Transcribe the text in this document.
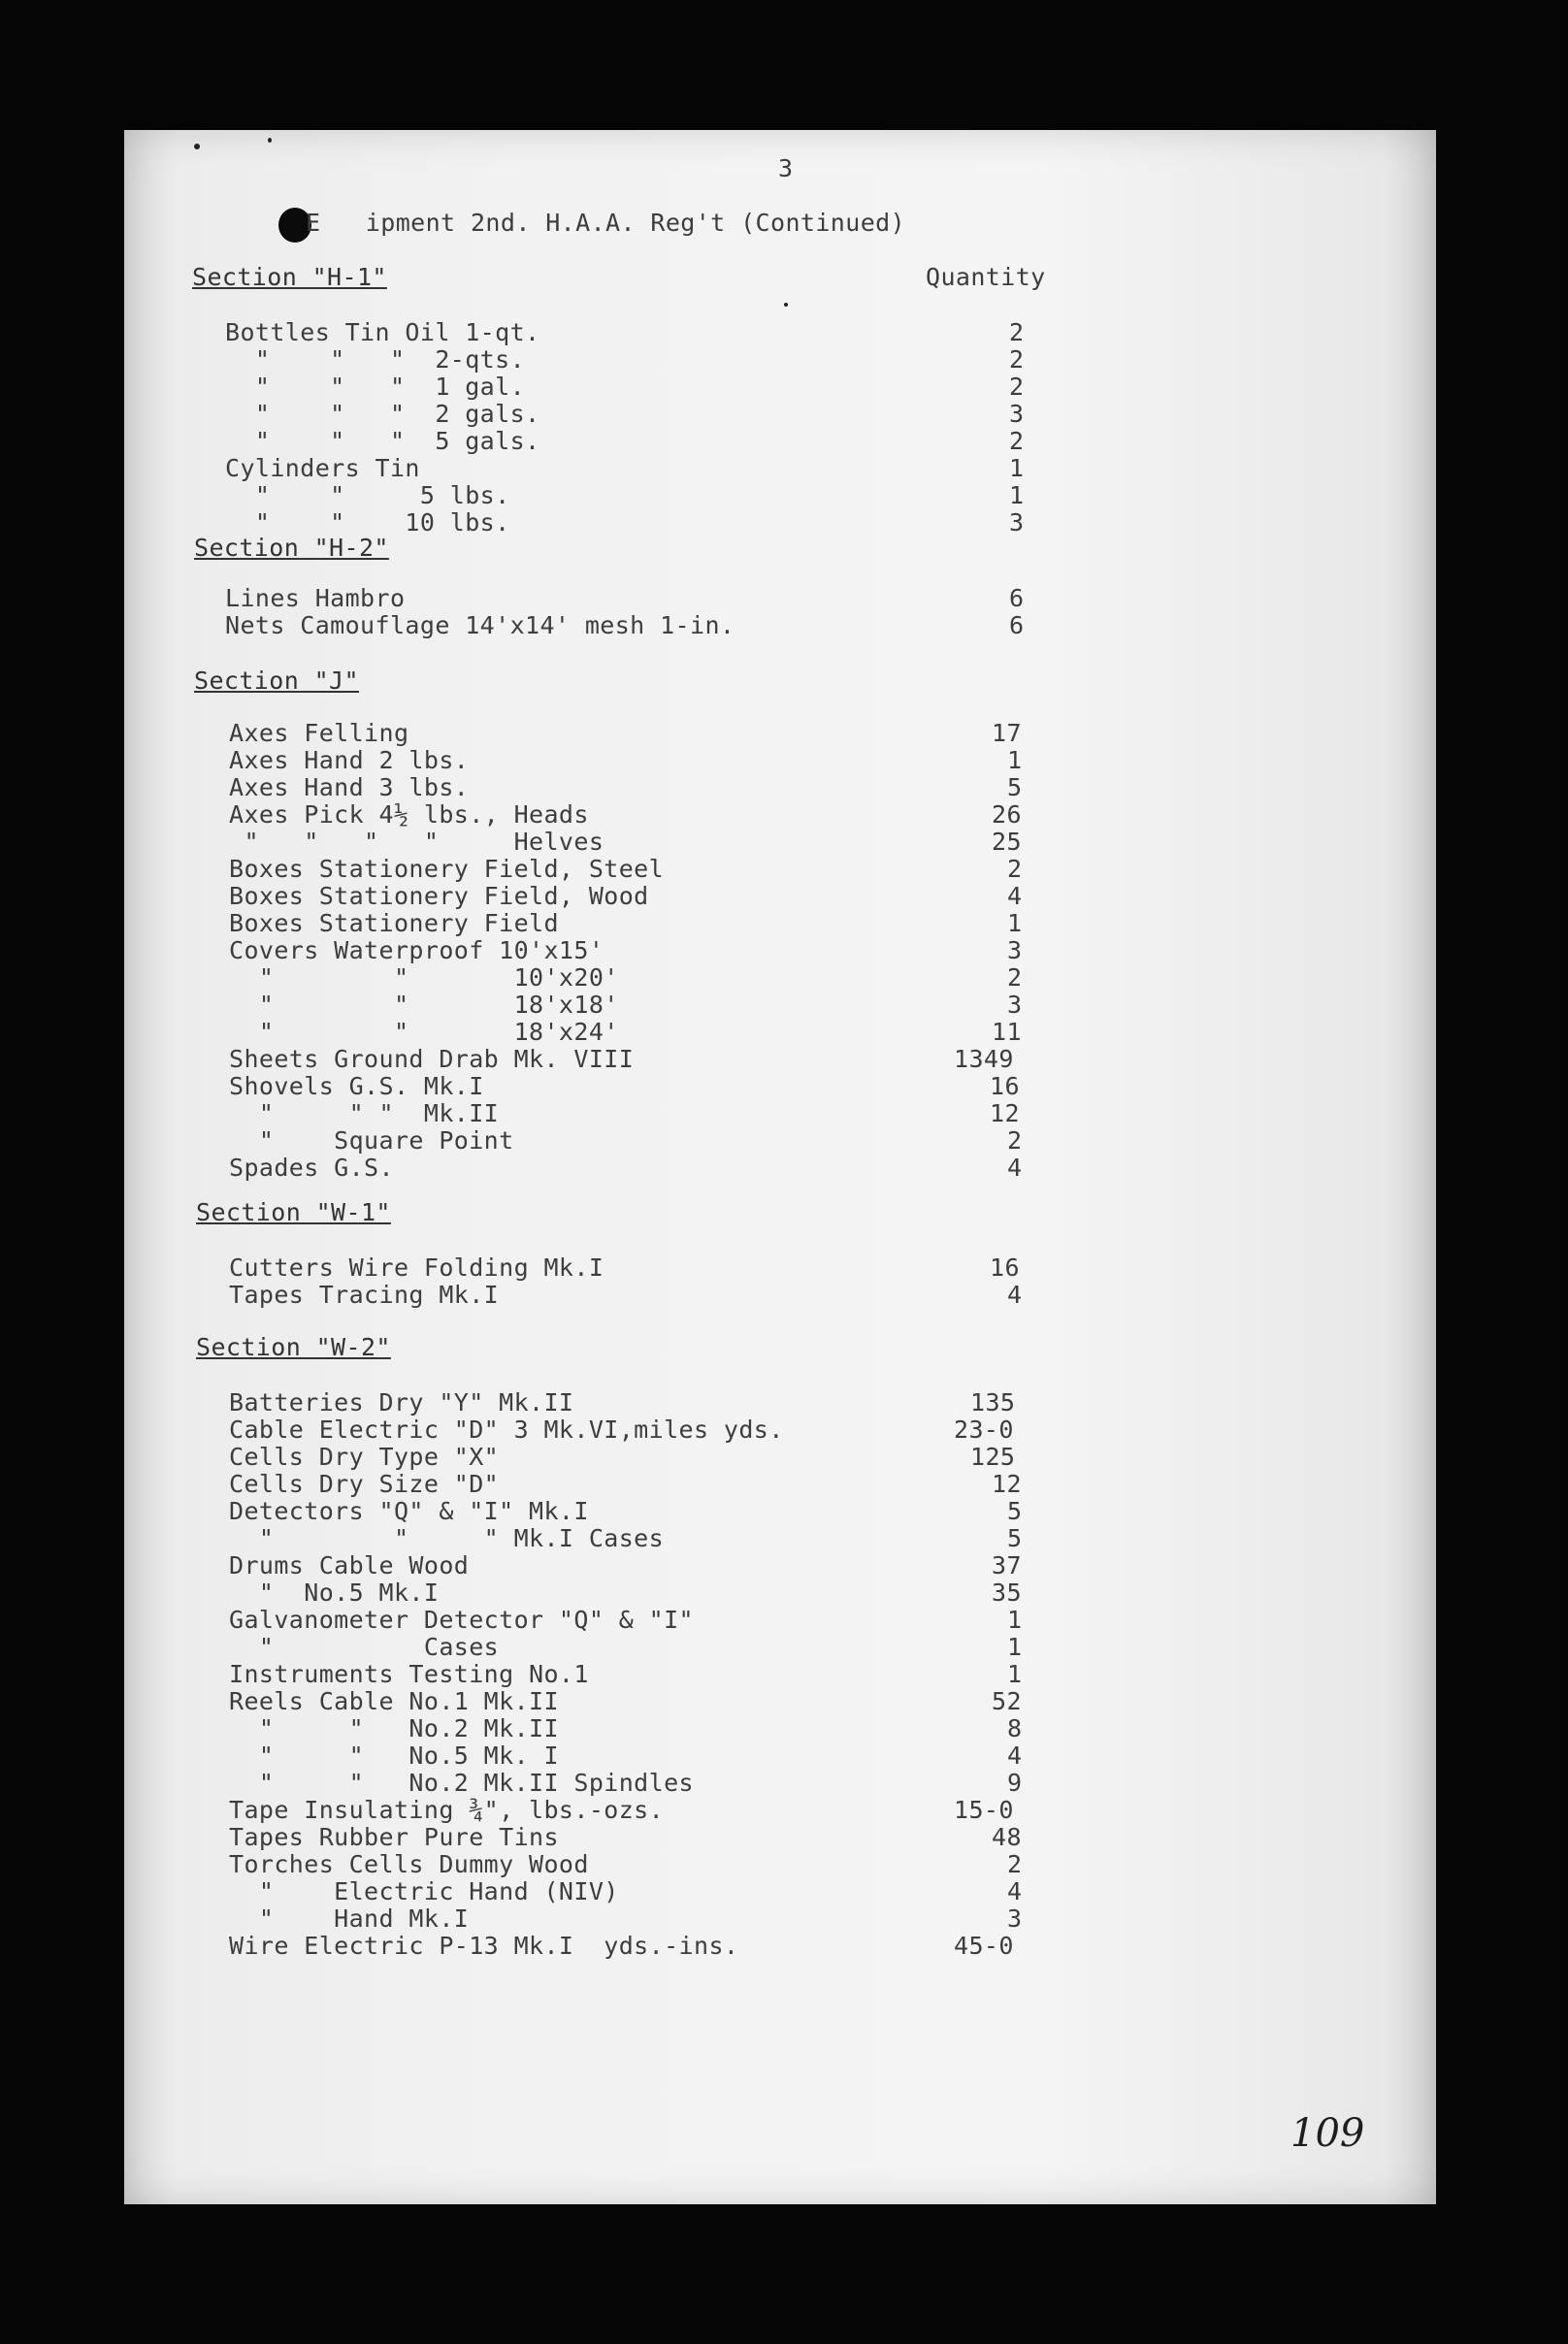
3
E   ipment 2nd. H.A.A. Reg't (Continued)
Quantity
Section "H-1"
Bottles Tin Oil 1-qt.	2
"    "   "  2-qts.	2
"    "   "  1 gal.	2
"    "   "  2 gals.	3
"    "   "  5 gals.	2
Cylinders Tin	1
"    "     5 lbs.	1
"    "    10 lbs.	3
Section "H-2"
Lines Hambro	6
Nets Camouflage 14'x14' mesh 1-in.	6
Section "J"
Axes Felling	17
Axes Hand 2 lbs.	1
Axes Hand 3 lbs.	5
Axes Pick 4½ lbs., Heads	26
"   "   "   "     Helves	25
Boxes Stationery Field, Steel	2
Boxes Stationery Field, Wood	4
Boxes Stationery Field	1
Covers Waterproof 10'x15'	3
"        "       10'x20'	2
"        "       18'x18'	3
"        "       18'x24'	11
Sheets Ground Drab Mk. VIII	1349
Shovels G.S. Mk.I	16
"     " "  Mk.II	12
"    Square Point	2
Spades G.S.	4
Section "W-1"
Cutters Wire Folding Mk.I	16
Tapes Tracing Mk.I	4
Section "W-2"
Batteries Dry "Y" Mk.II	135
Cable Electric "D" 3 Mk.VI,miles yds.	23-0
Cells Dry Type "X"	125
Cells Dry Size "D"	12
Detectors "Q" & "I" Mk.I	5
"        "     " Mk.I Cases	5
Drums Cable Wood	37
"  No.5 Mk.I	35
Galvanometer Detector "Q" & "I"	1
"          Cases	1
Instruments Testing No.1	1
Reels Cable No.1 Mk.II	52
"     "   No.2 Mk.II	8
"     "   No.5 Mk. I	4
"     "   No.2 Mk.II Spindles	9
Tape Insulating ¾", lbs.-ozs.	15-0
Tapes Rubber Pure Tins	48
Torches Cells Dummy Wood	2
"    Electric Hand (NIV)	4
"    Hand Mk.I	3
Wire Electric P-13 Mk.I  yds.-ins.	45-0
109
